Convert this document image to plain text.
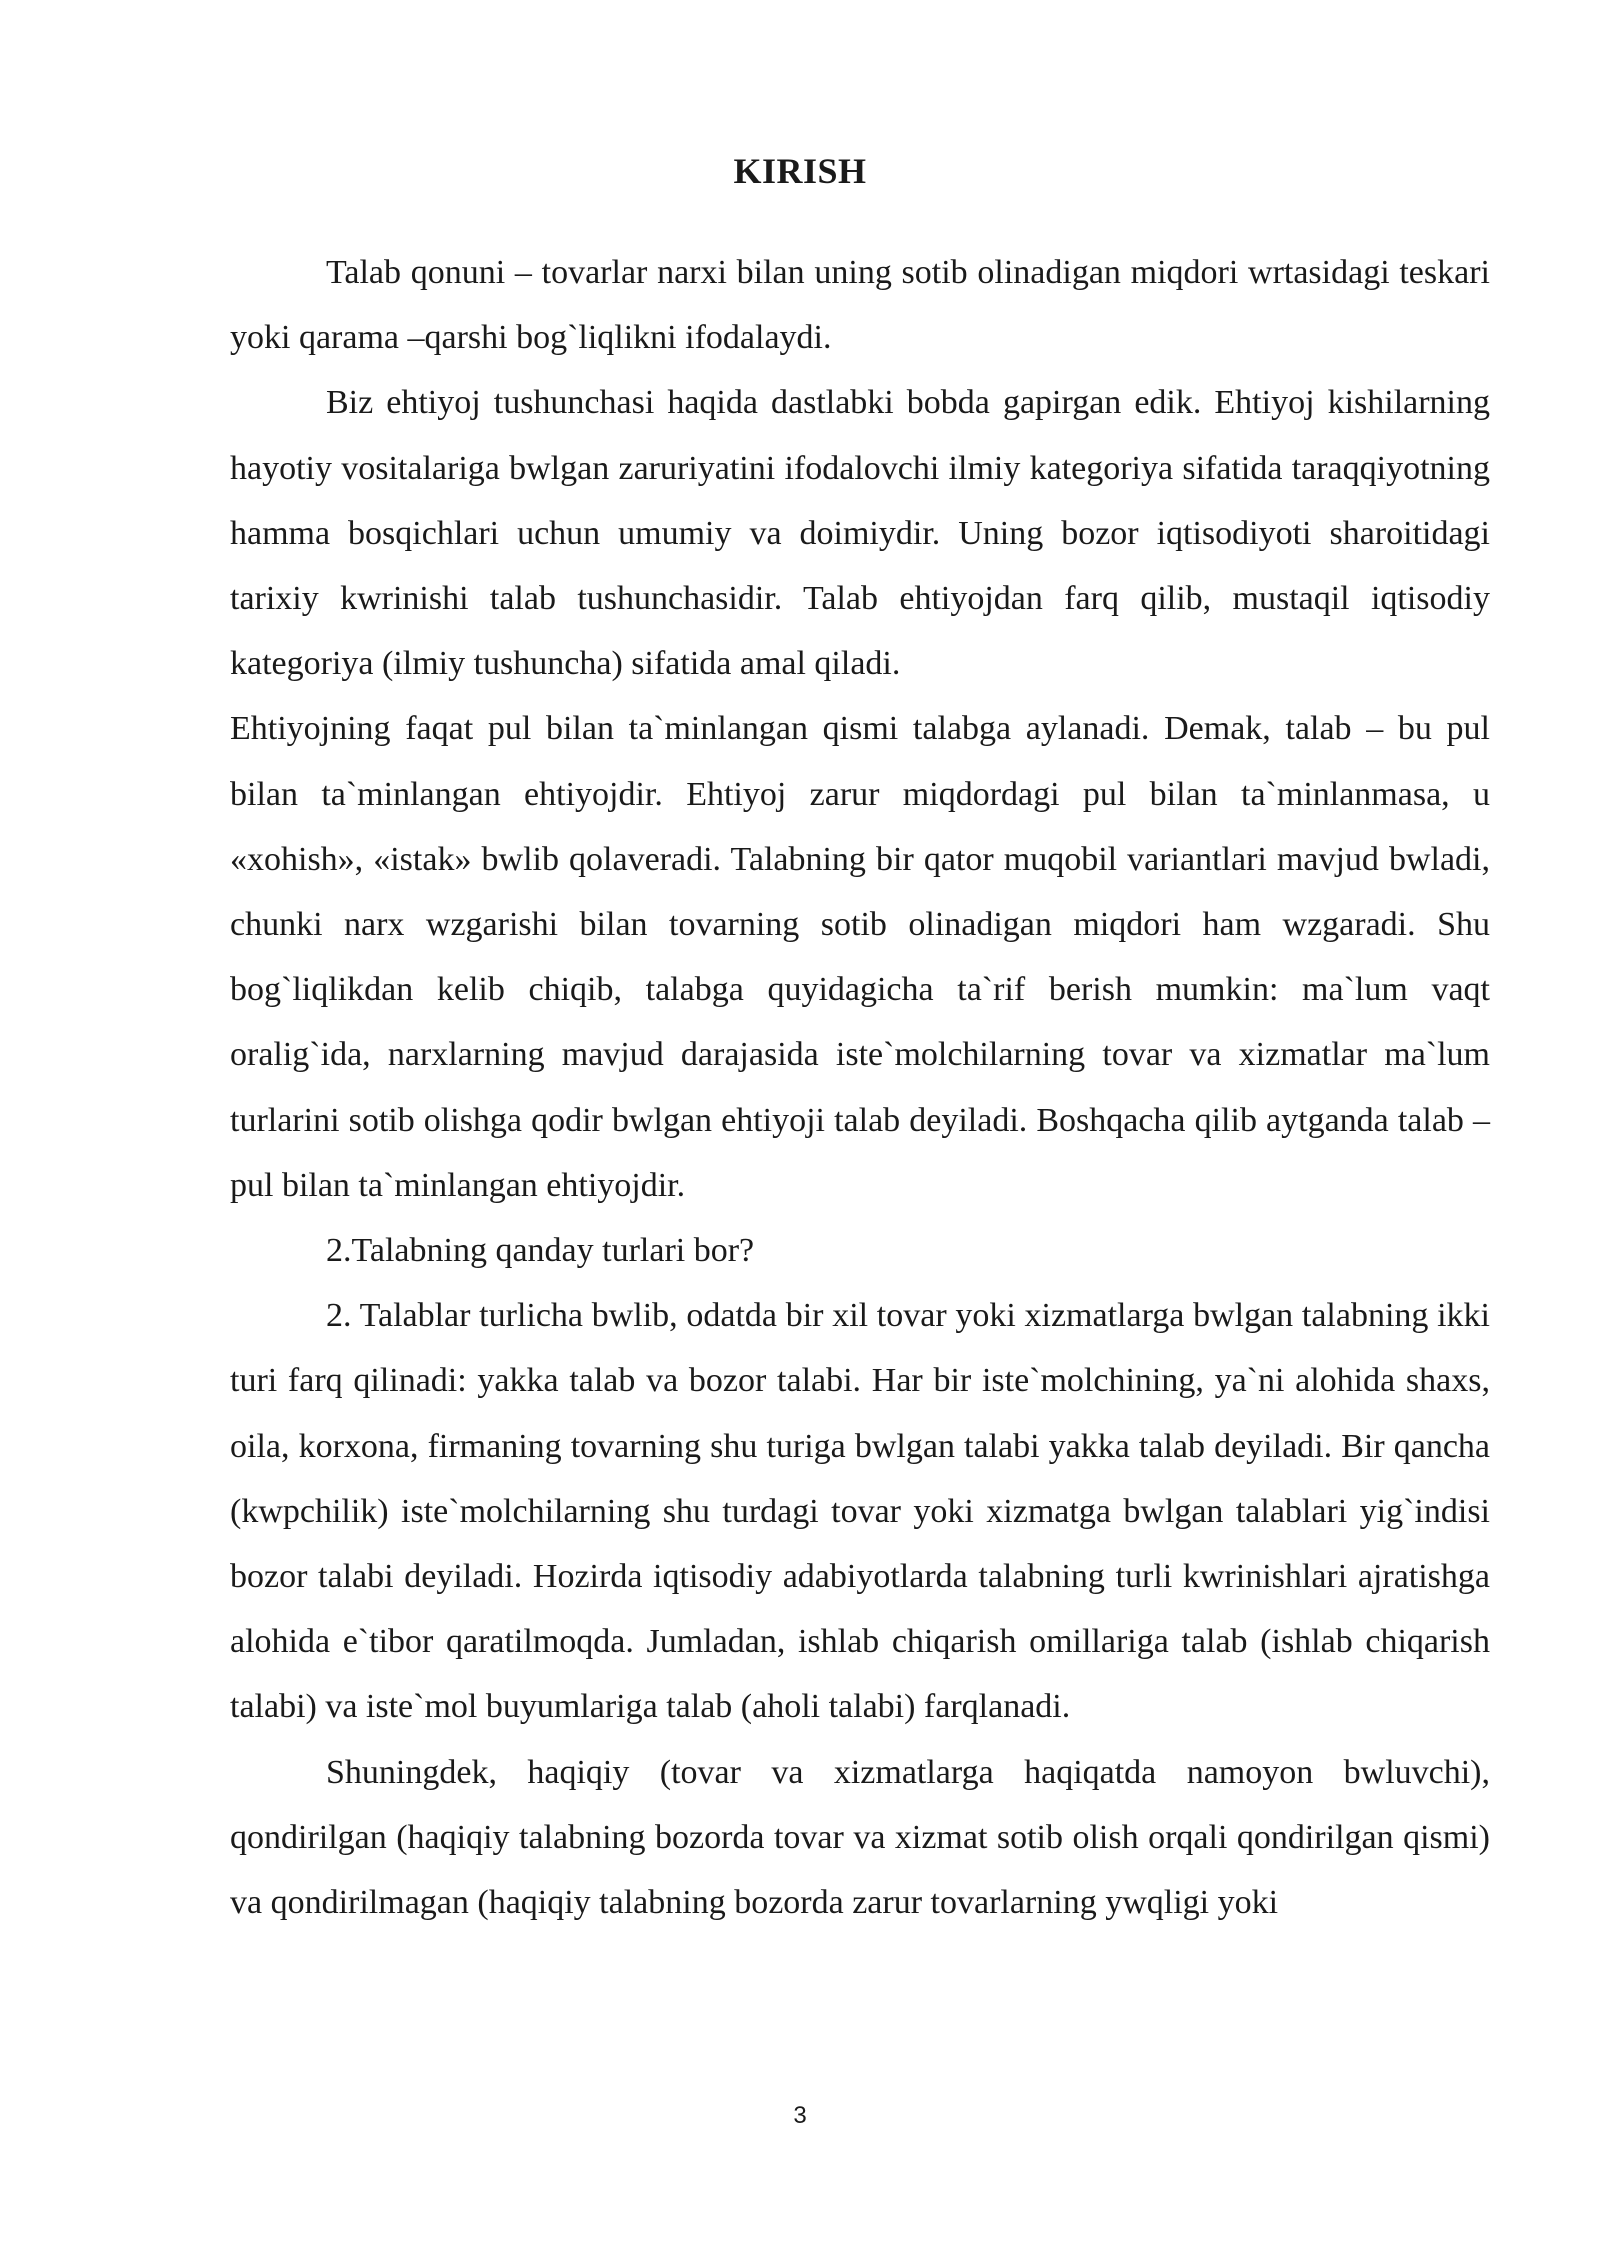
KIRISH

Talab qonuni – tovarlar narxi bilan uning sotib olinadigan miqdori wrtasidagi teskari yoki qarama –qarshi bog`liqlikni ifodalaydi.

Biz ehtiyoj tushunchasi haqida dastlabki bobda gapirgan edik. Ehtiyoj kishilarning hayotiy vositalariga bwlgan zaruriyatini ifodalovchi ilmiy kategoriya sifatida taraqqiyotning hamma bosqichlari uchun umumiy va doimiydir. Uning bozor iqtisodiyoti sharoitidagi tarixiy kwrinishi talab tushunchasidir. Talab ehtiyojdan farq qilib, mustaqil iqtisodiy kategoriya (ilmiy tushuncha) sifatida amal qiladi.

Ehtiyojning faqat pul bilan ta`minlangan qismi talabga aylanadi. Demak, talab – bu pul bilan ta`minlangan ehtiyojdir. Ehtiyoj zarur miqdordagi pul bilan ta`minlanmasa, u «xohish», «istak» bwlib qolaveradi. Talabning bir qator muqobil variantlari mavjud bwladi, chunki narx wzgarishi bilan tovarning sotib olinadigan miqdori ham wzgaradi. Shu bog`liqlikdan kelib chiqib, talabga quyidagicha ta`rif berish mumkin: ma`lum vaqt oralig`ida, narxlarning mavjud darajasida iste`molchilarning tovar va xizmatlar ma`lum turlarini sotib olishga qodir bwlgan ehtiyoji talab deyiladi. Boshqacha qilib aytganda talab – pul bilan ta`minlangan ehtiyojdir.

2.Talabning qanday turlari bor?

2. Talablar turlicha bwlib, odatda bir xil tovar yoki xizmatlarga bwlgan talabning ikki turi farq qilinadi: yakka talab va bozor talabi. Har bir iste`molchining, ya`ni alohida shaxs, oila, korxona, firmaning tovarning shu turiga bwlgan talabi yakka talab deyiladi. Bir qancha (kwpchilik) iste`molchilarning shu turdagi tovar yoki xizmatga bwlgan talablari yig`indisi bozor talabi deyiladi. Hozirda iqtisodiy adabiyotlarda talabning turli kwrinishlari ajratishga alohida e`tibor qaratilmoqda. Jumladan, ishlab chiqarish omillariga talab (ishlab chiqarish talabi) va iste`mol buyumlariga talab (aholi talabi) farqlanadi.

Shuningdek, haqiqiy (tovar va xizmatlarga haqiqatda namoyon bwluvchi), qondirilgan (haqiqiy talabning bozorda tovar va xizmat sotib olish orqali qondirilgan qismi) va qondirilmagan (haqiqiy talabning bozorda zarur tovarlarning ywqligi yoki

3
